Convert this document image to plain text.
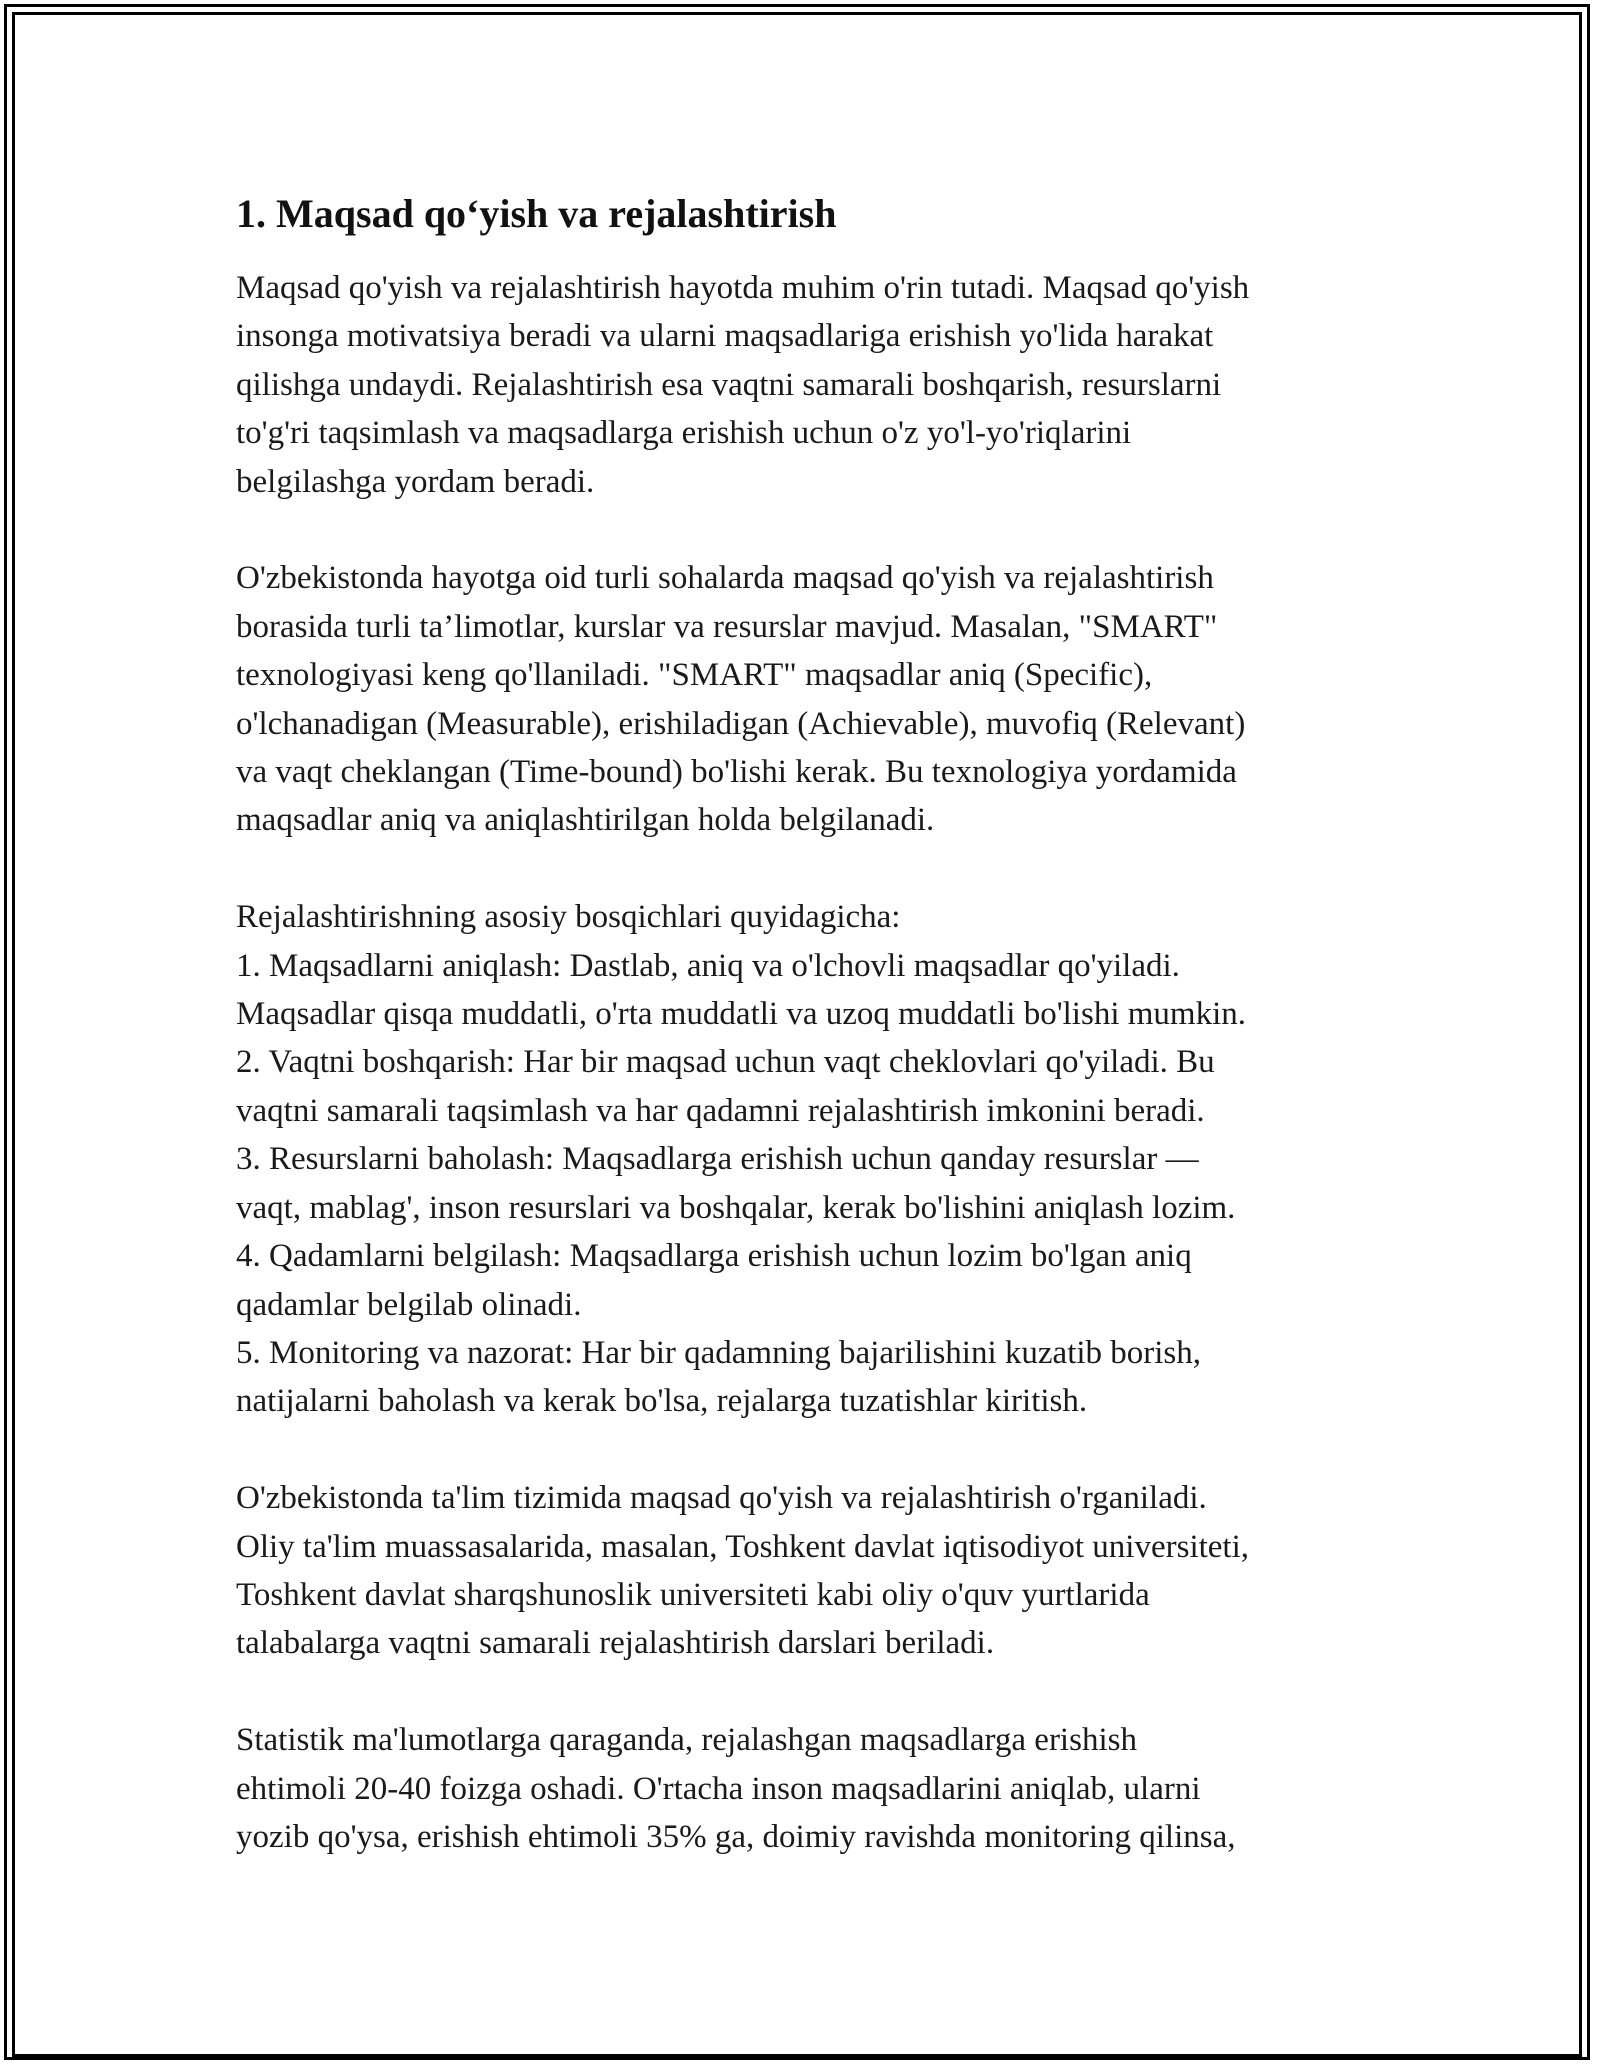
1. Maqsad qo‘yish va rejalashtirish
Maqsad qo'yish va rejalashtirish hayotda muhim o'rin tutadi. Maqsad qo'yish
insonga motivatsiya beradi va ularni maqsadlariga erishish yo'lida harakat
qilishga undaydi. Rejalashtirish esa vaqtni samarali boshqarish, resurslarni
to'g'ri taqsimlash va maqsadlarga erishish uchun o'z yo'l-yo'riqlarini
belgilashga yordam beradi.
O'zbekistonda hayotga oid turli sohalarda maqsad qo'yish va rejalashtirish
borasida turli ta’limotlar, kurslar va resurslar mavjud. Masalan, "SMART"
texnologiyasi keng qo'llaniladi. "SMART" maqsadlar aniq (Specific),
o'lchanadigan (Measurable), erishiladigan (Achievable), muvofiq (Relevant)
va vaqt cheklangan (Time-bound) bo'lishi kerak. Bu texnologiya yordamida
maqsadlar aniq va aniqlashtirilgan holda belgilanadi.
Rejalashtirishning asosiy bosqichlari quyidagicha:
1. Maqsadlarni aniqlash: Dastlab, aniq va o'lchovli maqsadlar qo'yiladi.
Maqsadlar qisqa muddatli, o'rta muddatli va uzoq muddatli bo'lishi mumkin.
2. Vaqtni boshqarish: Har bir maqsad uchun vaqt cheklovlari qo'yiladi. Bu
vaqtni samarali taqsimlash va har qadamni rejalashtirish imkonini beradi.
3. Resurslarni baholash: Maqsadlarga erishish uchun qanday resurslar —
vaqt, mablag', inson resurslari va boshqalar, kerak bo'lishini aniqlash lozim.
4. Qadamlarni belgilash: Maqsadlarga erishish uchun lozim bo'lgan aniq
qadamlar belgilab olinadi.
5. Monitoring va nazorat: Har bir qadamning bajarilishini kuzatib borish,
natijalarni baholash va kerak bo'lsa, rejalarga tuzatishlar kiritish.
O'zbekistonda ta'lim tizimida maqsad qo'yish va rejalashtirish o'rganiladi.
Oliy ta'lim muassasalarida, masalan, Toshkent davlat iqtisodiyot universiteti,
Toshkent davlat sharqshunoslik universiteti kabi oliy o'quv yurtlarida
talabalarga vaqtni samarali rejalashtirish darslari beriladi.
Statistik ma'lumotlarga qaraganda, rejalashgan maqsadlarga erishish
ehtimoli 20-40 foizga oshadi. O'rtacha inson maqsadlarini aniqlab, ularni
yozib qo'ysa, erishish ehtimoli 35% ga, doimiy ravishda monitoring qilinsa,
